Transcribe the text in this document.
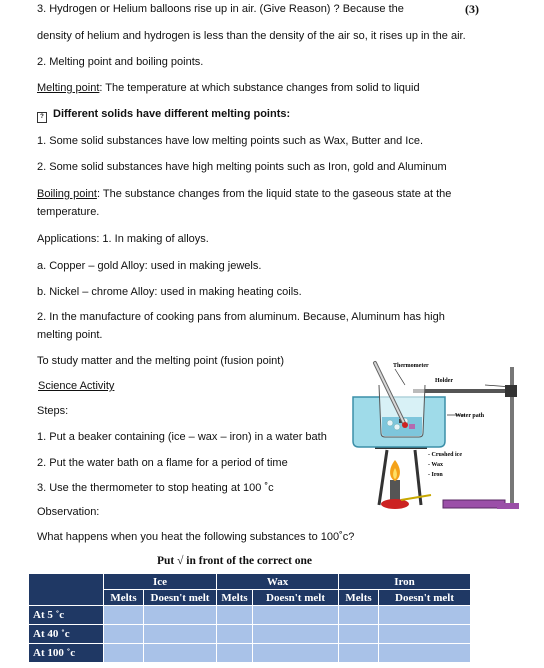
3. Hydrogen or Helium balloons rise up in air. (Give Reason) ? Because the	(3)
density of helium and hydrogen is less than the density of the air so, it rises up in the air.
2. Melting point and boiling points.
Melting point: The temperature at which substance changes from solid to liquid
? Different solids have different melting points:
1. Some solid substances have low melting points such as Wax, Butter and Ice.
2. Some solid substances have high melting points such as Iron, gold and Aluminum
Boiling point: The substance changes from the liquid state to the gaseous state at the
temperature.
Applications: 1. In making of alloys.
a. Copper – gold Alloy: used in making jewels.
b. Nickel – chrome Alloy: used in making heating coils.
2. In the manufacture of cooking pans from aluminum. Because, Aluminum has high
melting point.
To study matter and the melting point (fusion point)
Science Activity
Steps:
1. Put a beaker containing (ice – wax – iron) in a water bath
2. Put the water bath on a flame for a period of time
3. Use the thermometer to stop heating at 100 ˚c
Observation:
What happens when you heat the following substances to 100˚c?
Thermometer
Holder
Water path
- Crushed ice
- Wax
- Iron
Put √ in front of the correct one
	Ice		Wax		Iron	
	Melts	Doesn't melt	Melts	Doesn't melt	Melts	Doesn't melt
At 5 ˚c						
At 40 ˚c						
At 100 ˚c						
